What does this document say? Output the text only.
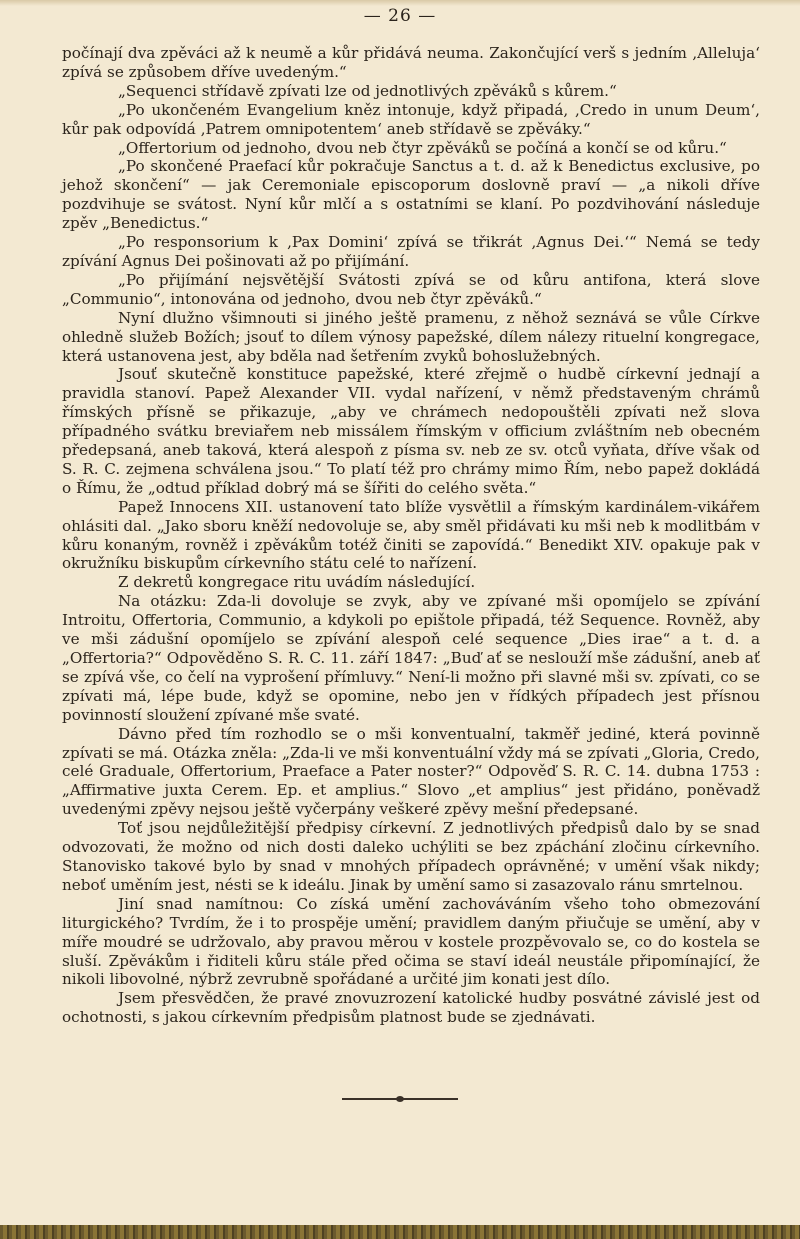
— 26 —

počínají dva zpěváci až k neumě a kůr přidává neuma. Zakončující verš s jedním ‚Alleluja‘ zpívá se způsobem dříve uvedeným.“

„Sequenci střídavě zpívati lze od jednotlivých zpěváků s kůrem.“

„Po ukončeném Evangelium kněz intonuje, když připadá, ‚Credo in unum Deum‘, kůr pak odpovídá ‚Patrem omnipotentem‘ aneb střídavě se zpěváky.“

„Offertorium od jednoho, dvou neb čtyr zpěváků se počíná a končí se od kůru.“

„Po skončené Praefací kůr pokračuje Sanctus a t. d. až k Benedictus exclusive, po jehož skončení“ — jak Ceremoniale episcoporum doslovně praví — „a nikoli dříve pozdvihuje se svátost. Nyní kůr mlčí a s ostatními se klaní. Po pozdvihování následuje zpěv „Benedictus.“

„Po responsorium k ‚Pax Domini‘ zpívá se třikrát ‚Agnus Dei.‘“ Nemá se tedy zpívání Agnus Dei pošinovati až po přijímání.

„Po přijímání nejsvětější Svátosti zpívá se od kůru antifona, která slove „Communio“, intonována od jednoho, dvou neb čtyr zpěváků.“

Nyní dlužno všimnouti si jiného ještě pramenu, z něhož seznává se vůle Církve ohledně služeb Božích; jsouť to dílem výnosy papežské, dílem nálezy rituelní kongregace, která ustanovena jest, aby bděla nad šetřením zvyků bohoslužebných.

Jsouť skutečně konstituce papežské, které zřejmě o hudbě církevní jednají a pravidla stanoví. Papež Alexander VII. vydal nařízení, v němž představeným chrámů římských přísně se přikazuje, „aby ve chrámech nedopouštěli zpívati než slova případného svátku breviařem neb missálem římským v officium zvláštním neb obecném předepsaná, aneb taková, která alespoň z písma sv. neb ze sv. otců vyňata, dříve však od S. R. C. zejmena schválena jsou.“ To platí též pro chrámy mimo Řím, nebo papež dokládá o Římu, že „odtud příklad dobrý má se šířiti do celého světa.“

Papež Innocens XII. ustanovení tato blíže vysvětlil a římským kardinálem-vikářem ohlásiti dal. „Jako sboru kněží nedovoluje se, aby směl přidávati ku mši neb k modlitbám v kůru konaným, rovněž i zpěvákům totéž činiti se zapovídá.“ Benedikt XIV. opakuje pak v okružníku biskupům církevního státu celé to nařízení.

Z dekretů kongregace ritu uvádím následující.

Na otázku: Zda-li dovoluje se zvyk, aby ve zpívané mši opomíjelo se zpívání Introitu, Offertoria, Communio, a kdykoli po epištole připadá, též Sequence. Rovněž, aby ve mši zádušní opomíjelo se zpívání alespoň celé sequence „Dies irae“ a t. d. a „Offertoria?“ Odpověděno S. R. C. 11. září 1847: „Buď ať se neslouží mše zádušní, aneb ať se zpívá vše, co čelí na vyprošení přímluvy.“ Není-li možno při slavné mši sv. zpívati, co se zpívati má, lépe bude, když se opomine, nebo jen v řídkých případech jest přísnou povinností sloužení zpívané mše svaté.

Dávno před tím rozhodlo se o mši konventualní, takměř jediné, která povinně zpívati se má. Otázka zněla: „Zda-li ve mši konventuální vždy má se zpívati „Gloria, Credo, celé Graduale, Offertorium, Praeface a Pater noster?“ Odpověď S. R. C. 14. dubna 1753 : „Affirmative juxta Cerem. Ep. et amplius.“ Slovo „et amplius“ jest přidáno, poněvadž uvedenými zpěvy nejsou ještě vyčerpány veškeré zpěvy mešní předepsané.

Toť jsou nejdůležitější předpisy církevní. Z jednotlivých předpisů dalo by se snad odvozovati, že možno od nich dosti daleko uchýliti se bez zpáchání zločinu církevního. Stanovisko takové bylo by snad v mnohých případech oprávněné; v umění však nikdy; neboť uměním jest, nésti se k ideálu. Jinak by umění samo si zasazovalo ránu smrtelnou.

Jiní snad namítnou: Co získá umění zachováváním všeho toho obmezování liturgického? Tvrdím, že i to prospěje umění; pravidlem daným přiučuje se umění, aby v míře moudré se udržovalo, aby pravou měrou v kostele prozpěvovalo se, co do kostela se sluší. Zpěvákům i řiditeli kůru stále před očima se staví ideál neustále připomínající, že nikoli libovolné, nýbrž zevrubně spořádané a určité jim konati jest dílo.

Jsem přesvědčen, že pravé znovuzrození katolické hudby posvátné závislé jest od ochotnosti, s jakou církevním předpisům platnost bude se zjednávati.
